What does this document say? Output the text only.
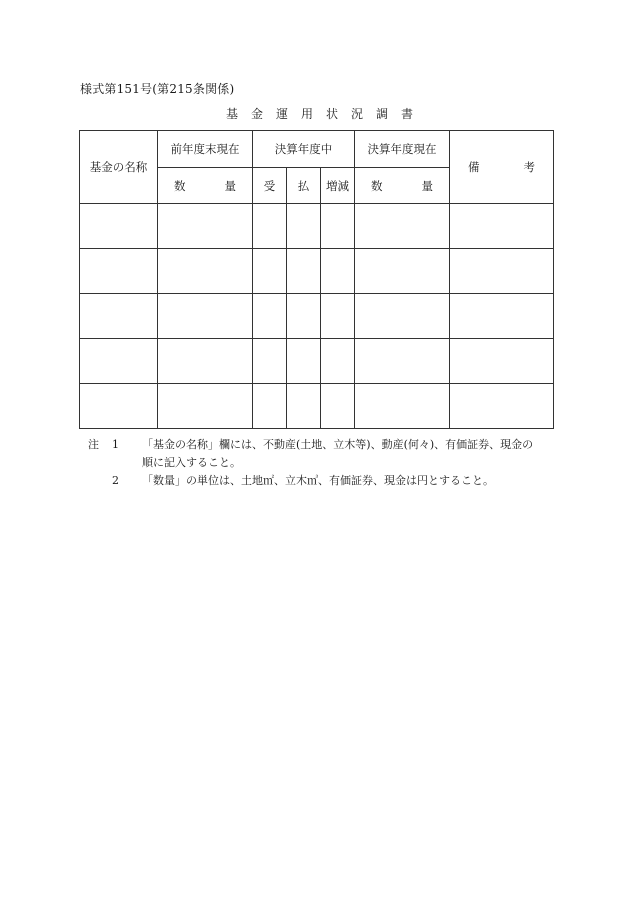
様式第151号(第215条関係)
基金運用状況調書
基金の名称	前年度末現在	決算年度中			決算年度現在	備 考

	数 量	受	払	増減	数 量	

注	1	「基金の名称」欄には、不動産(土地、立木等)、動産(何々)、有価証券、現金の
順に記入すること。
2	「数量」の単位は、土地㎡、立木㎥、有価証券、現金は円とすること。
